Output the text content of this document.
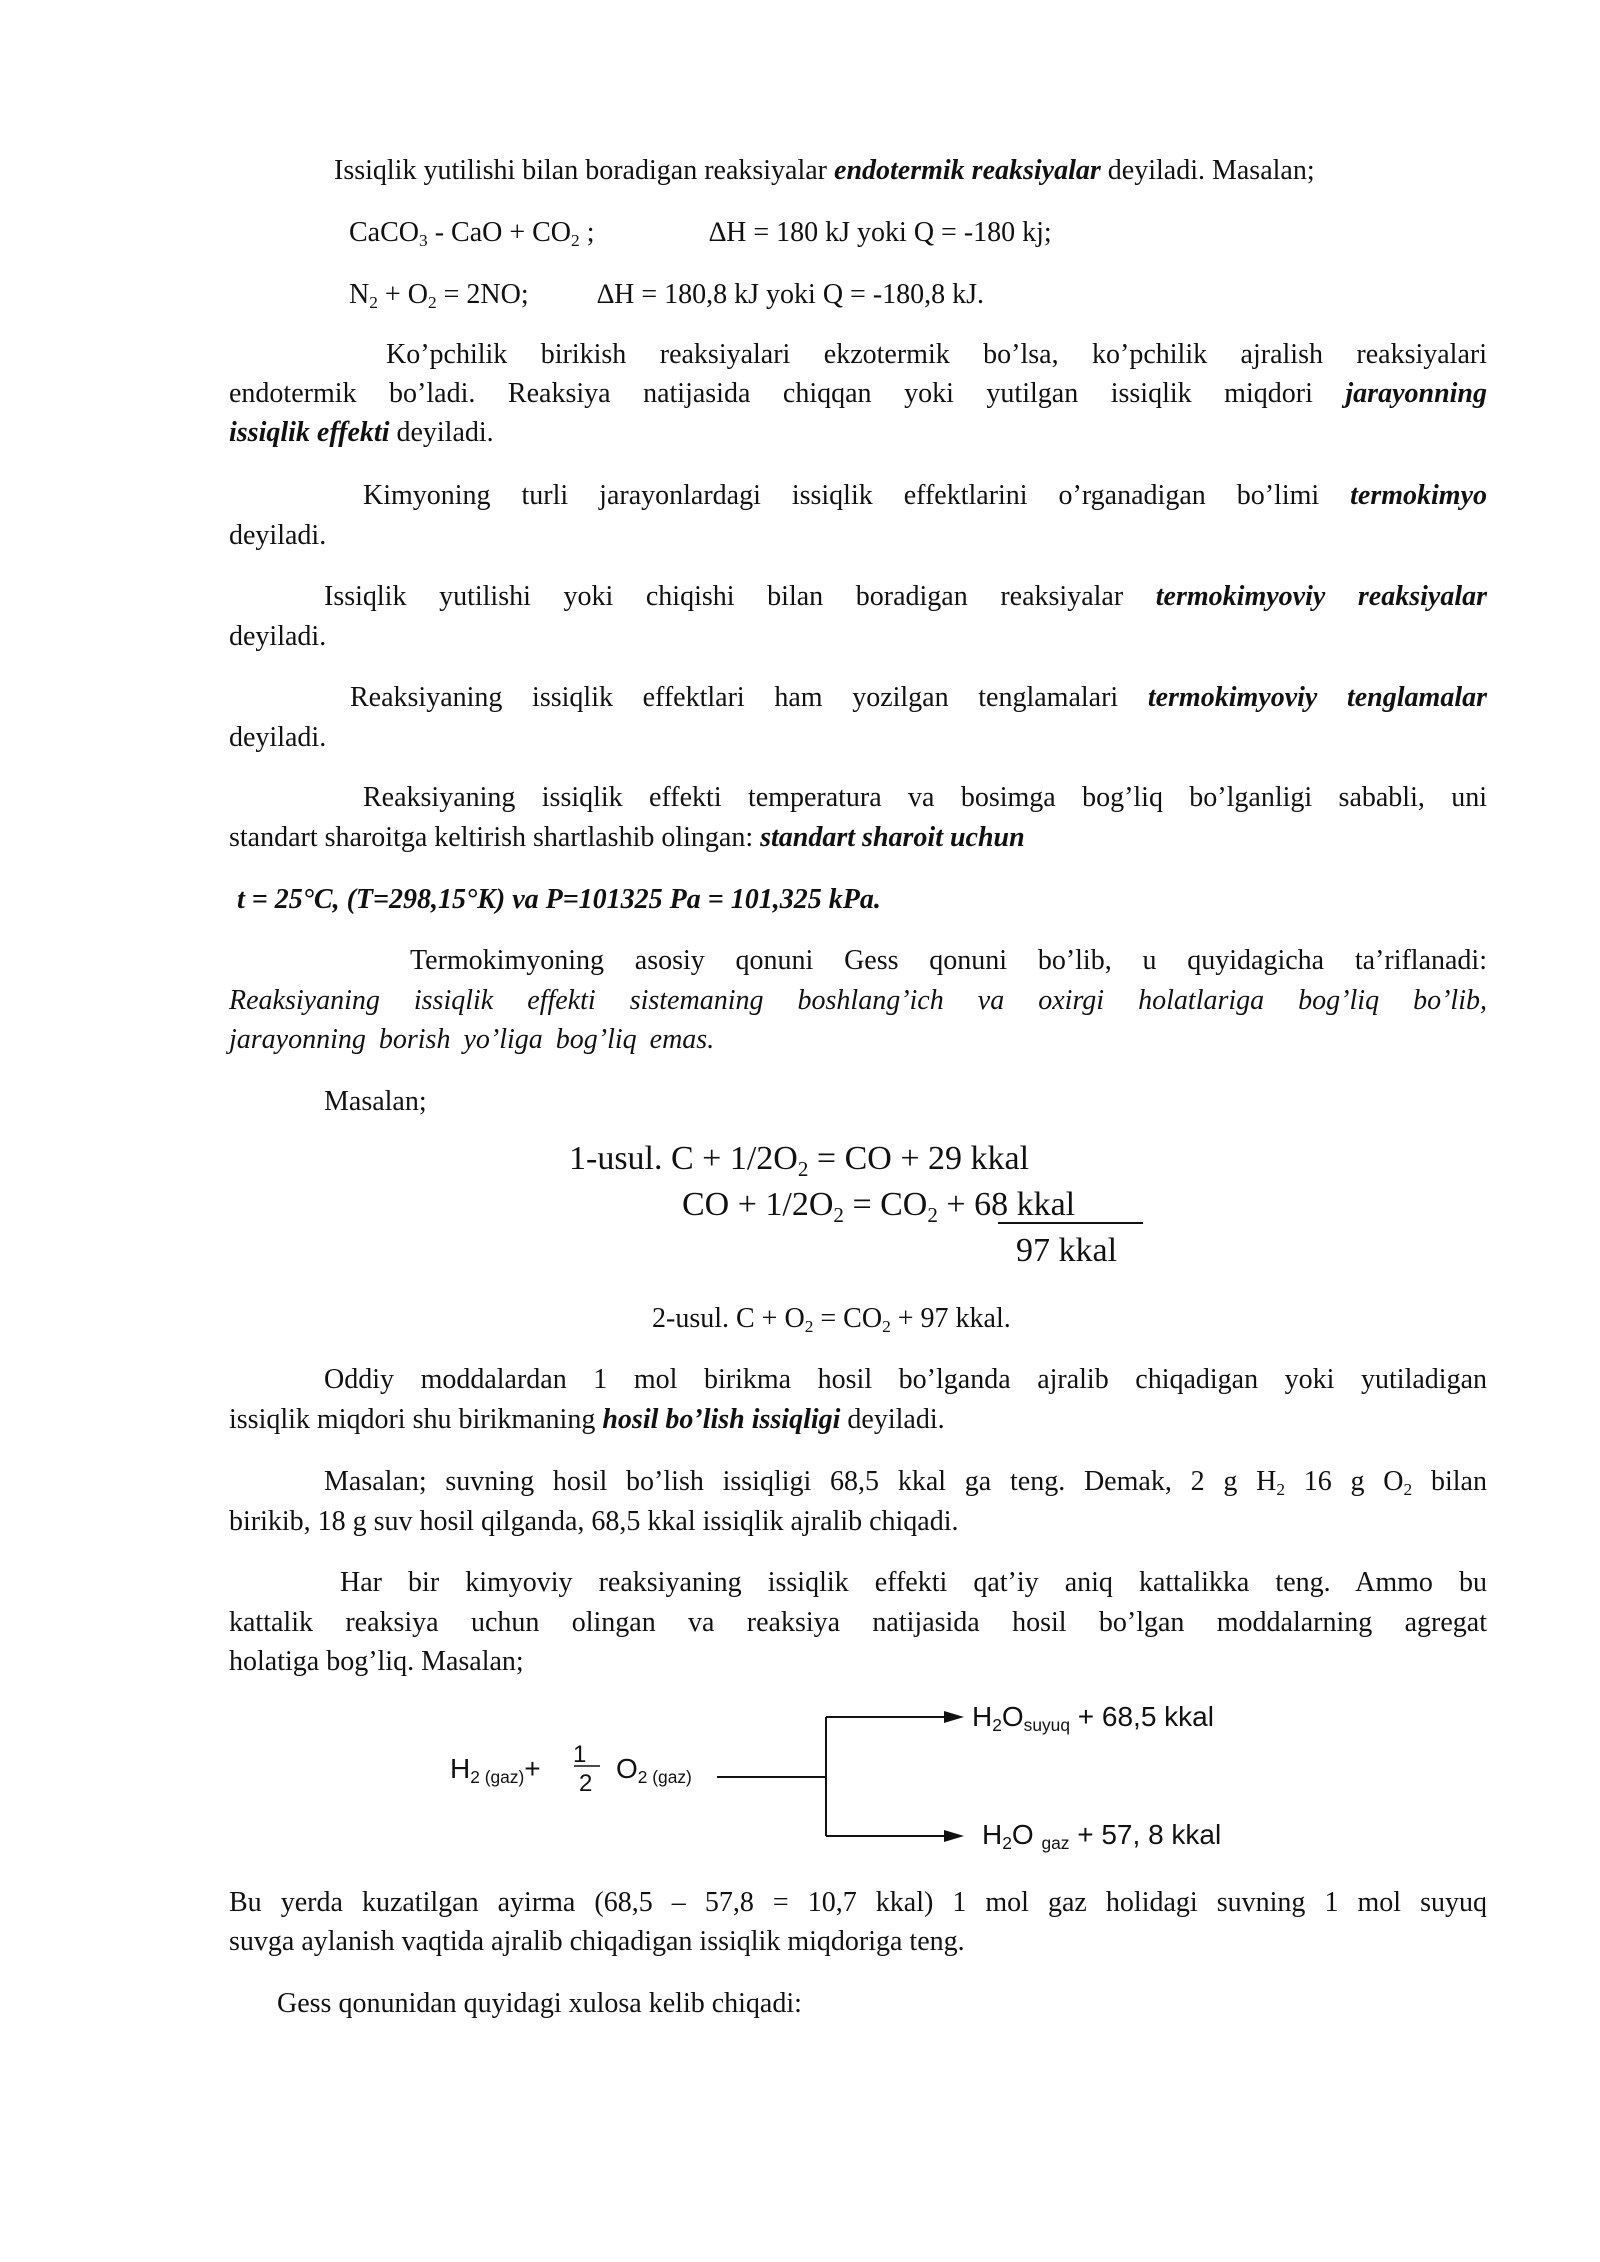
Issiqlik yutilishi bilan boradigan reaksiyalar endotermik reaksiyalar deyiladi. Masalan;
CaCO$_3$ - CaO + $CO_2$ ;	∆H = 180 kJ yoki Q = -180 kj;
$N_2 + O_2 = 2NO$; ∆H = 180,8 kJ yoki Q = -180,8 kJ.
Ko’pchilik birikish reaksiyalari ekzotermik bo’lsa, ko’pchilik ajralish reaksiyalari
endotermik bo’ladi. Reaksiya natijasida chiqqan yoki yutilgan issiqlik miqdori jarayonning
issiqlik effekti deyiladi.
Kimyoning turli jarayonlardagi issiqlik effektlarini o’rganadigan bo’limi termokimyo
deyiladi.
Issiqlik yutilishi yoki chiqishi bilan boradigan reaksiyalar termokimyoviy reaksiyalar
deyiladi.
Reaksiyaning issiqlik effektlari ham yozilgan tenglamalari termokimyoviy tenglamalar
deyiladi.
Reaksiyaning issiqlik effekti temperatura va bosimga bog’liq bo’lganligi sababli, uni
standart sharoitga keltirish shartlashib olingan: standart sharoit uchun
t = 25°C, (T=298,15°K) va P=101325 Pa = 101,325 kPa.
Termokimyoning asosiy qonuni Gess qonuni bo’lib, u quyidagicha ta’riflanadi:
Reaksiyaning issiqlik effekti sistemaning boshlang’ich va oxirgi holatlariga bog’liq bo’lib,
jarayonning borish yo’liga bog’liq emas.
Masalan;
1-usul. $C + 1/2O_2$ = CO + 29 kkal
CO + $1/2O_2 = CO_2 + 68$ kkal
97 kkal
2-usul. $C + O_2 = CO_2 + 97$ kkal.
Oddiy moddalardan 1 mol birikma hosil bo’lganda ajralib chiqadigan yoki yutiladigan
issiqlik miqdori shu birikmaning hosil bo’lish issiqligi deyiladi.
Masalan; suvning hosil bo’lish issiqligi 68,5 kkal ga teng. Demak, 2 g $H_2$ 16 g $O_2$ bilan
birikib, 18 g suv hosil qilganda, 68,5 kkal issiqlik ajralib chiqadi.
Har bir kimyoviy reaksiyaning issiqlik effekti qat’iy aniq kattalikka teng. Ammo bu
kattalik reaksiya uchun olingan va reaksiya natijasida hosil bo’lgan moddalarning agregat
holatiga bog’liq. Masalan;
$H_{2 (gaz)}+ 1$
2 $O_{2 (gaz)}$
$H_2O_{suyuq} + 68,5$ kkal
$H_2O$ $_{gaz}$ + 57, 8 kkal
Bu yerda kuzatilgan ayirma (68,5 – 57,8 = 10,7 kkal) 1 mol gaz holidagi suvning 1 mol suyuq
suvga aylanish vaqtida ajralib chiqadigan issiqlik miqdoriga teng.
Gess qonunidan quyidagi xulosa kelib chiqadi:
